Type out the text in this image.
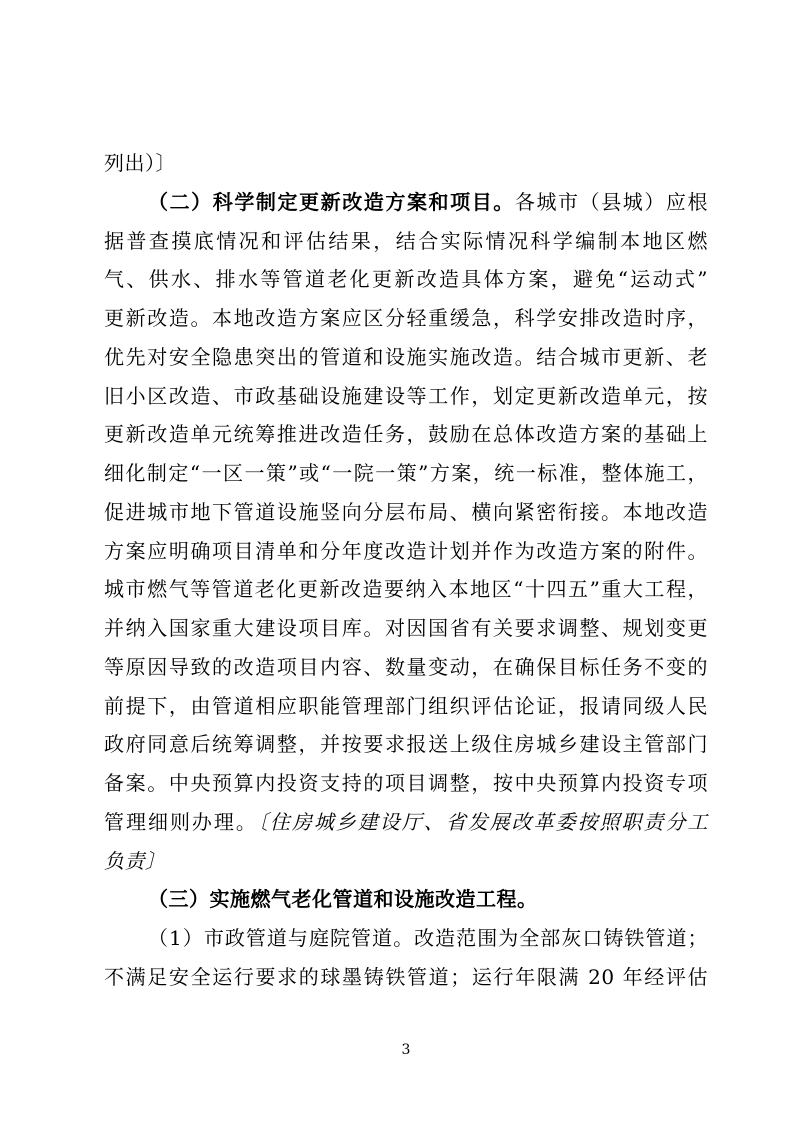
列出）〕
（二）科学制定更新改造方案和项目。各城市（县城）应根
据普查摸底情况和评估结果，结合实际情况科学编制本地区燃
气、供水、排水等管道老化更新改造具体方案，避免“运动式”
更新改造。本地改造方案应区分轻重缓急，科学安排改造时序，
优先对安全隐患突出的管道和设施实施改造。结合城市更新、老
旧小区改造、市政基础设施建设等工作，划定更新改造单元，按
更新改造单元统筹推进改造任务，鼓励在总体改造方案的基础上
细化制定“一区一策”或“一院一策”方案，统一标准，整体施工，
促进城市地下管道设施竖向分层布局、横向紧密衔接。本地改造
方案应明确项目清单和分年度改造计划并作为改造方案的附件。
城市燃气等管道老化更新改造要纳入本地区“十四五”重大工程，
并纳入国家重大建设项目库。对因国省有关要求调整、规划变更
等原因导致的改造项目内容、数量变动，在确保目标任务不变的
前提下，由管道相应职能管理部门组织评估论证，报请同级人民
政府同意后统筹调整，并按要求报送上级住房城乡建设主管部门
备案。中央预算内投资支持的项目调整，按中央预算内投资专项
管理细则办理。〔住房城乡建设厅、省发展改革委按照职责分工
负责〕
（三）实施燃气老化管道和设施改造工程。
（1）市政管道与庭院管道。改造范围为全部灰口铸铁管道；
不满足安全运行要求的球墨铸铁管道；运行年限满 20 年经评估
3
